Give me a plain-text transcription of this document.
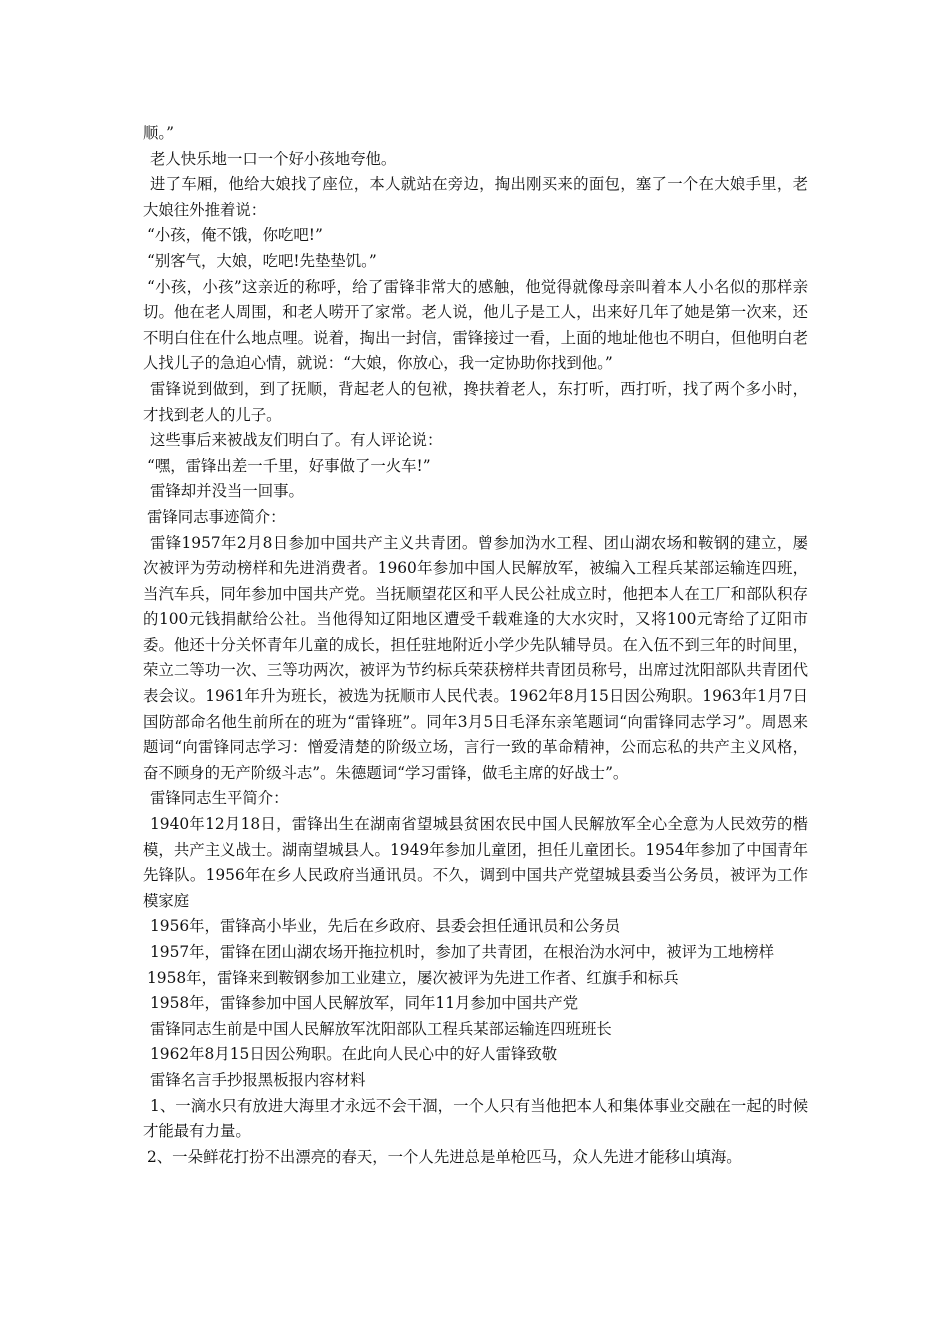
顺。”

老人快乐地一口一个好小孩地夸他。

进了车厢，他给大娘找了座位，本人就站在旁边，掏出刚买来的面包，塞了一个在大娘手里，老大娘往外推着说：

“小孩，俺不饿，你吃吧!”

“别客气，大娘，吃吧!先垫垫饥。”

“小孩，小孩”这亲近的称呼，给了雷锋非常大的感触，他觉得就像母亲叫着本人小名似的那样亲切。他在老人周围，和老人唠开了家常。老人说，他儿子是工人，出来好几年了她是第一次来，还不明白住在什么地点哩。说着，掏出一封信，雷锋接过一看，上面的地址他也不明白，但他明白老人找儿子的急迫心情，就说：“大娘，你放心，我一定协助你找到他。”

雷锋说到做到，到了抚顺，背起老人的包袱，搀扶着老人，东打听，西打听，找了两个多小时，才找到老人的儿子。

这些事后来被战友们明白了。有人评论说：

“嘿，雷锋出差一千里，好事做了一火车!”

雷锋却并没当一回事。

雷锋同志事迹简介：

雷锋1957年2月8日参加中国共产主义共青团。曾参加沩水工程、团山湖农场和鞍钢的建立，屡次被评为劳动榜样和先进消费者。1960年参加中国人民解放军，被编入工程兵某部运输连四班，当汽车兵，同年参加中国共产党。当抚顺望花区和平人民公社成立时，他把本人在工厂和部队积存的100元钱捐献给公社。当他得知辽阳地区遭受千载难逢的大水灾时，又将100元寄给了辽阳市委。他还十分关怀青年儿童的成长，担任驻地附近小学少先队辅导员。在入伍不到三年的时间里，荣立二等功一次、三等功两次，被评为节约标兵荣获榜样共青团员称号，出席过沈阳部队共青团代表会议。1961年升为班长，被选为抚顺市人民代表。1962年8月15日因公殉职。1963年1月7日国防部命名他生前所在的班为“雷锋班”。同年3月5日毛泽东亲笔题词“向雷锋同志学习”。周恩来题词“向雷锋同志学习：憎爱清楚的阶级立场，言行一致的革命精神，公而忘私的共产主义风格，奋不顾身的无产阶级斗志”。朱德题词“学习雷锋，做毛主席的好战士”。

雷锋同志生平简介：

1940年12月18日，雷锋出生在湖南省望城县贫困农民中国人民解放军全心全意为人民效劳的楷模，共产主义战士。湖南望城县人。1949年参加儿童团，担任儿童团长。1954年参加了中国青年先锋队。1956年在乡人民政府当通讯员。不久，调到中国共产党望城县委当公务员，被评为工作模家庭

1956年，雷锋高小毕业，先后在乡政府、县委会担任通讯员和公务员

1957年，雷锋在团山湖农场开拖拉机时，参加了共青团，在根治沩水河中，被评为工地榜样

1958年，雷锋来到鞍钢参加工业建立，屡次被评为先进工作者、红旗手和标兵

1958年，雷锋参加中国人民解放军，同年11月参加中国共产党

雷锋同志生前是中国人民解放军沈阳部队工程兵某部运输连四班班长

1962年8月15日因公殉职。在此向人民心中的好人雷锋致敬

雷锋名言手抄报黑板报内容材料

1、一滴水只有放进大海里才永远不会干涸，一个人只有当他把本人和集体事业交融在一起的时候才能最有力量。

2、一朵鲜花打扮不出漂亮的春天，一个人先进总是单枪匹马，众人先进才能移山填海。
